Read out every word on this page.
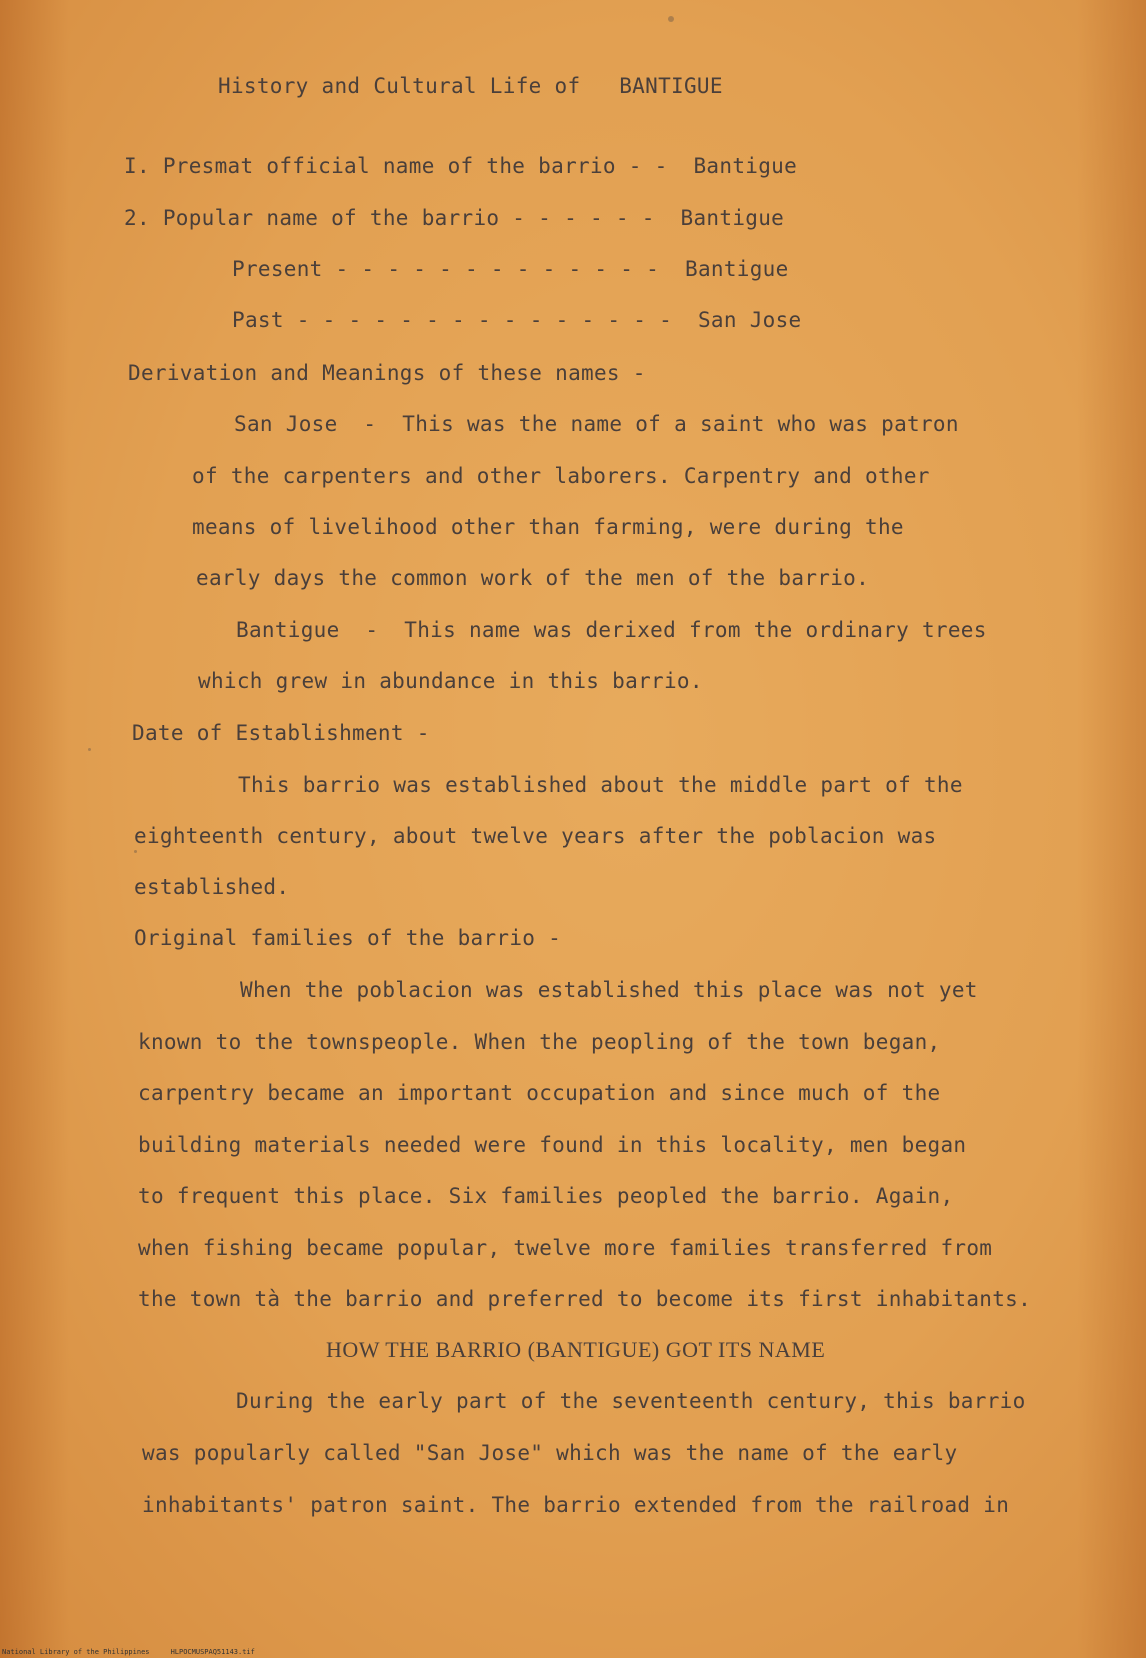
History and Cultural Life of   BANTIGUE
I. Presmat official name of the barrio - -  Bantigue
2. Popular name of the barrio - - - - - -  Bantigue
Present - - - - - - - - - - - - -  Bantigue
Past - - - - - - - - - - - - - - -  San Jose
Derivation and Meanings of these names -
San Jose  -  This was the name of a saint who was patron
of the carpenters and other laborers. Carpentry and other
means of livelihood other than farming, were during the
early days the common work of the men of the barrio.
Bantigue  -  This name was derixed from the ordinary trees
which grew in abundance in this barrio.
Date of Establishment -
This barrio was established about the middle part of the
eighteenth century, about twelve years after the poblacion was
established.
Original families of the barrio -
When the poblacion was established this place was not yet
known to the townspeople. When the peopling of the town began,
carpentry became an important occupation and since much of the
building materials needed were found in this locality, men began
to frequent this place. Six families peopled the barrio. Again,
when fishing became popular, twelve more families transferred from
the town tà the barrio and preferred to become its first inhabitants.
HOW THE BARRIO (BANTIGUE) GOT ITS NAME
During the early part of the seventeenth century, this barrio
was popularly called "San Jose" which was the name of the early
inhabitants' patron saint. The barrio extended from the railroad in
National Library of the Philippines     HLPOCMUSPAQ51143.tif
